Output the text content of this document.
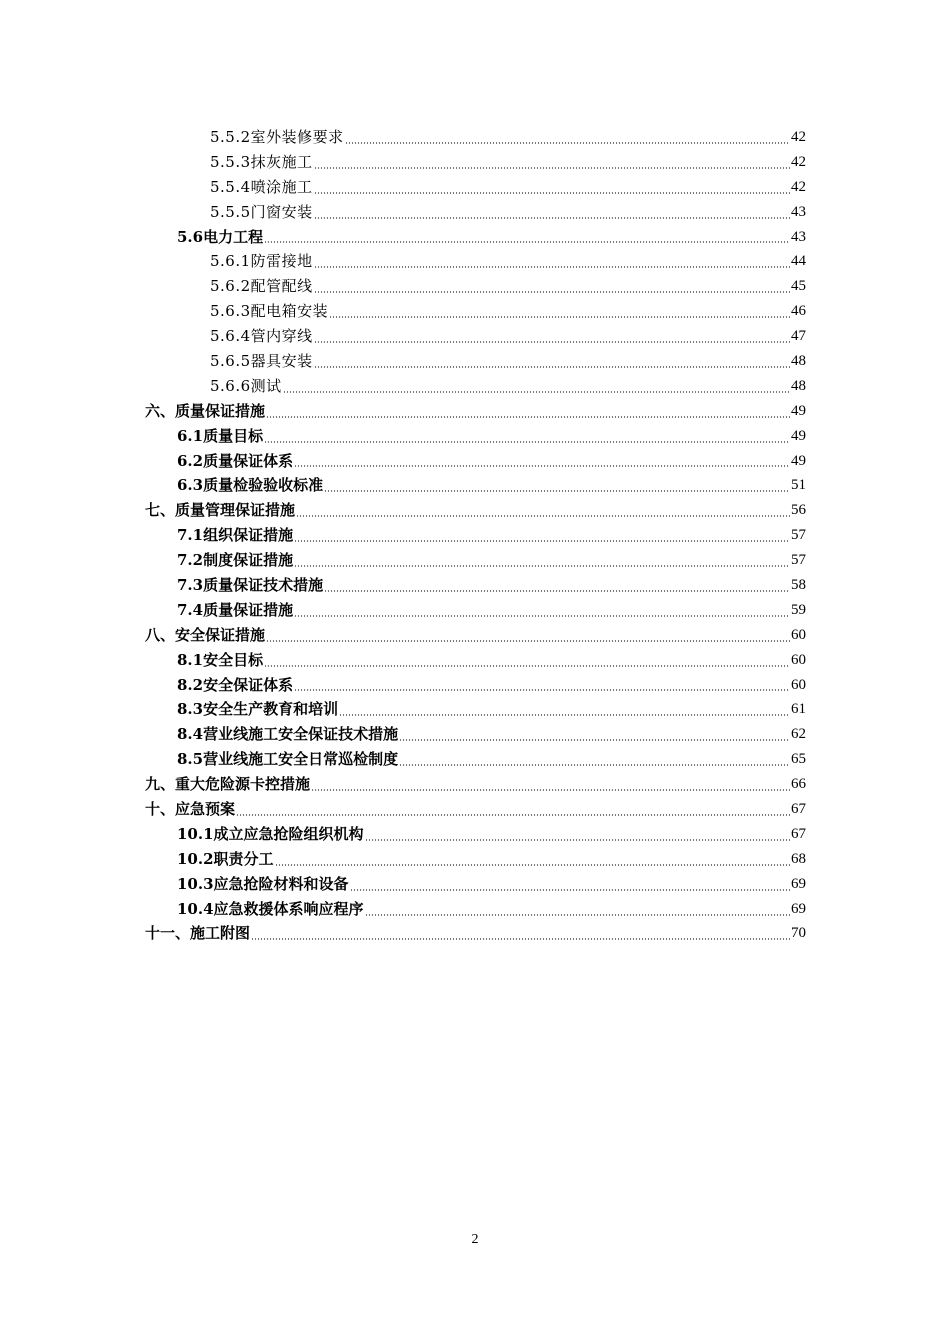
5.5.2室外装修要求	42
5.5.3抹灰施工	42
5.5.4喷涂施工	42
5.5.5门窗安装	43
5.6电力工程	43
5.6.1防雷接地	44
5.6.2配管配线	45
5.6.3配电箱安装	46
5.6.4管内穿线	47
5.6.5器具安装	48
5.6.6测试	48
六、质量保证措施	49
6.1质量目标	49
6.2质量保证体系	49
6.3质量检验验收标准	51
七、质量管理保证措施	56
7.1组织保证措施	57
7.2制度保证措施	57
7.3质量保证技术措施	58
7.4质量保证措施	59
八、安全保证措施	60
8.1安全目标	60
8.2安全保证体系	60
8.3安全生产教育和培训	61
8.4营业线施工安全保证技术措施	62
8.5营业线施工安全日常巡检制度	65
九、重大危险源卡控措施	66
十、应急预案	67
10.1成立应急抢险组织机构	67
10.2职责分工	68
10.3应急抢险材料和设备	69
10.4应急救援体系响应程序	69
十一、施工附图	70
2
